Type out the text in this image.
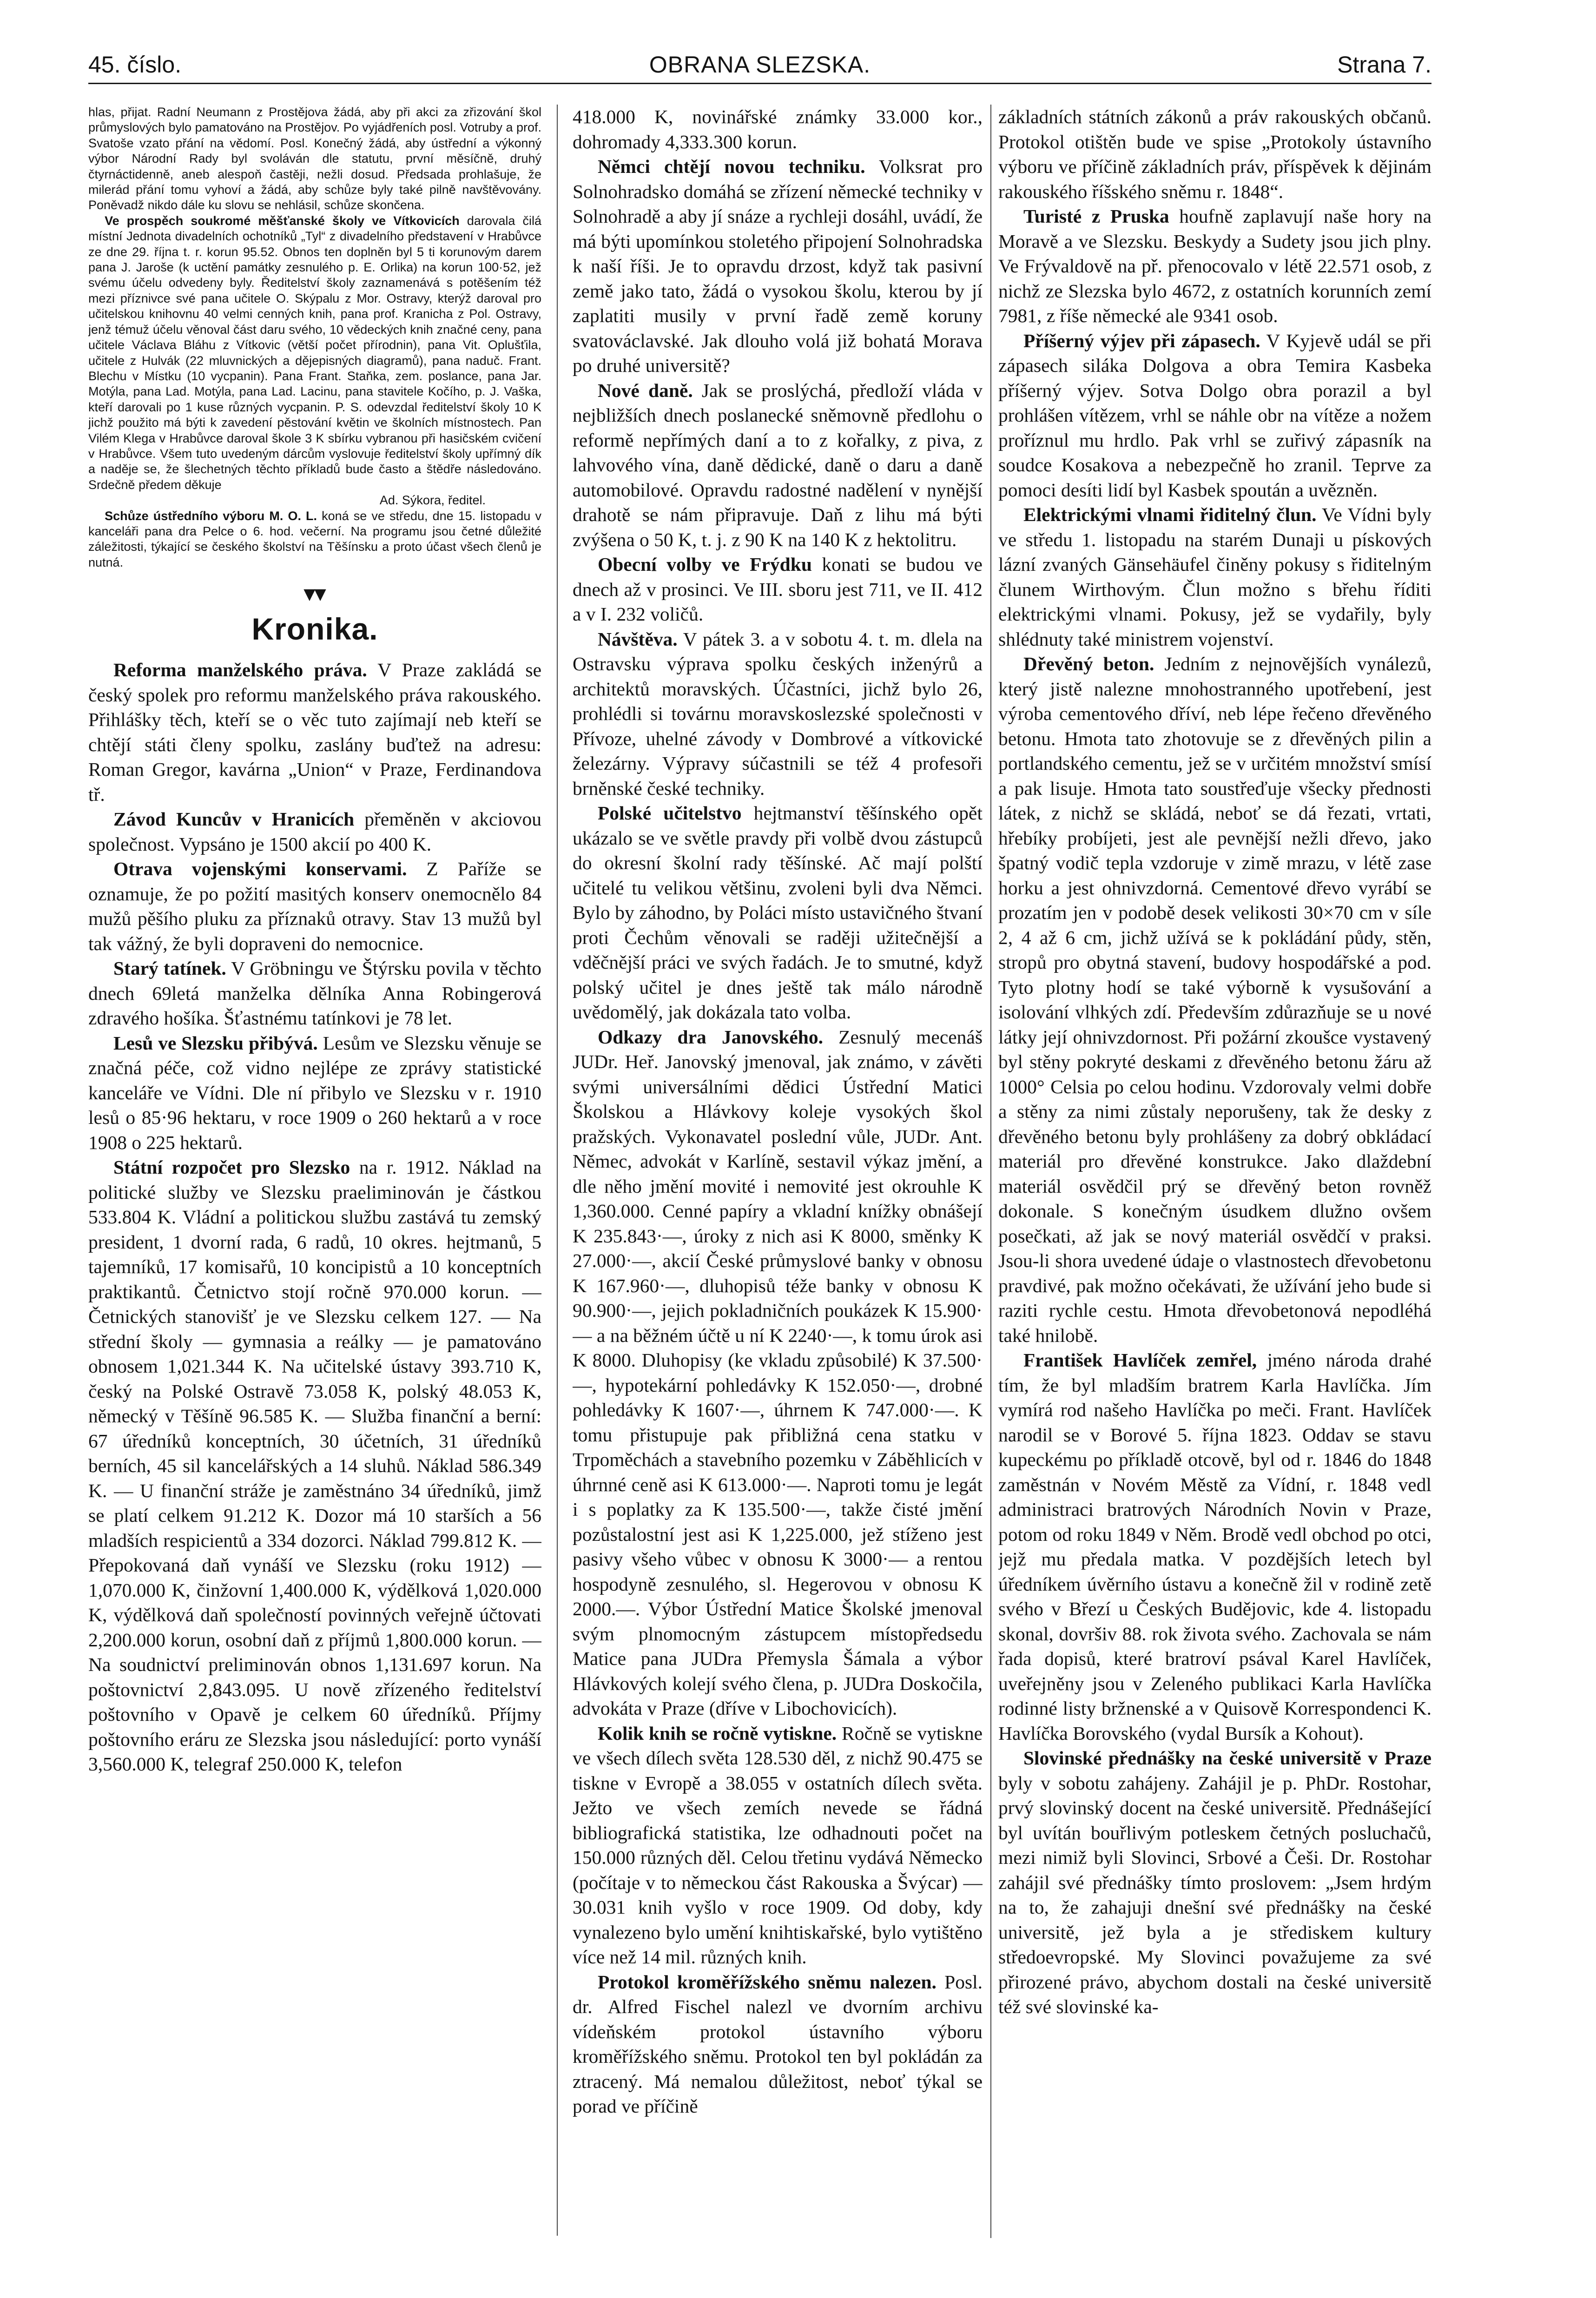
45. číslo.	OBRANA SLEZSKA.	Strana 7.

hlas, přijat. Radní Neumann z Prostějova žádá, aby při akci za zřizování škol průmyslových bylo pamatováno na Prostějov. Po vyjádřeních posl. Votruby a prof. Svatoše vzato přání na vědomí. Posl. Konečný žádá, aby ústřední a výkonný výbor Národní Rady byl svoláván dle statutu, první měsíčně, druhý čtyrnáctidenně, aneb alespoň častěji, nežli dosud. Předsada prohlašuje, že milerád přání tomu vyhoví a žádá, aby schůze byly také pilně navštěvovány. Poněvadž nikdo dále ku slovu se nehlásil, schůze skončena.

Ve prospěch soukromé měšťanské školy ve Vítkovicích darovala čilá místní Jednota divadelních ochotníků „Tyl“ z divadelního představení v Hrabůvce ze dne 29. října t. r. korun 95.52. Obnos ten doplněn byl 5 ti korunovým darem pana J. Jaroše (k uctění památky zesnulého p. E. Orlika) na korun 100·52, jež svému účelu odvedeny byly. Ředitelství školy zaznamenává s potěšením též mezi příznivce své pana učitele O. Skýpalu z Mor. Ostravy, kterýž daroval pro učitelskou knihovnu 40 velmi cenných knih, pana prof. Kranicha z Pol. Ostravy, jenž témuž účelu věnoval část daru svého, 10 vědeckých knih značné ceny, pana učitele Václava Bláhu z Vítkovic (větší počet přírodnin), pana Vit. Oplušťila, učitele z Hulvák (22 mluvnických a dějepisných diagramů), pana naduč. Frant. Blechu v Místku (10 vycpanin). Pana Frant. Staňka, zem. poslance, pana Jar. Motýla, pana Lad. Motýla, pana Lad. Lacinu, pana stavitele Kočího, p. J. Vaška, kteří darovali po 1 kuse různých vycpanin. P. S. odevzdal ředitelství školy 10 K jichž použito má býti k zavedení pěstování květin ve školních místnostech. Pan Vilém Klega v Hrabůvce daroval škole 3 K sbírku vybranou při hasičském cvičení v Hrabůvce. Všem tuto uvedeným dárcům vyslovuje ředitelství školy upřímný dík a naděje se, že šlechetných těchto příkladů bude často a štědře následováno. Srdečně předem děkuje

Ad. Sýkora, ředitel.

Schůze ústředního výboru M. O. L. koná se ve středu, dne 15. listopadu v kanceláři pana dra Pelce o 6. hod. večerní. Na programu jsou četné důležité záležitosti, týkající se českého školství na Těšínsku a proto účast všech členů je nutná.

▾▾
Kronika.

Reforma manželského práva. V Praze zakládá se český spolek pro reformu manželského práva rakouského. Přihlášky těch, kteří se o věc tuto zajímají neb kteří se chtějí státi členy spolku, zaslány buďtež na adresu: Roman Gregor, kavárna „Union“ v Praze, Ferdinandova tř.

Závod Kuncův v Hranicích přeměněn v akciovou společnost. Vypsáno je 1500 akcií po 400 K.

Otrava vojenskými konservami. Z Paříže se oznamuje, že po požití masitých konserv onemocnělo 84 mužů pěšího pluku za příznaků otravy. Stav 13 mužů byl tak vážný, že byli dopraveni do nemocnice.

Starý tatínek. V Gröbningu ve Štýrsku povila v těchto dnech 69letá manželka dělníka Anna Robingerová zdravého hošíka. Šťastnému tatínkovi je 78 let.

Lesů ve Slezsku přibývá. Lesům ve Slezsku věnuje se značná péče, což vidno nejlépe ze zprávy statistické kanceláře ve Vídni. Dle ní přibylo ve Slezsku v r. 1910 lesů o 85·96 hektaru, v roce 1909 o 260 hektarů a v roce 1908 o 225 hektarů.

Státní rozpočet pro Slezsko na r. 1912. Náklad na politické služby ve Slezsku praeliminován je částkou 533.804 K. Vládní a politickou službu zastává tu zemský president, 1 dvorní rada, 6 radů, 10 okres. hejtmanů, 5 tajemníků, 17 komisařů, 10 koncipistů a 10 konceptních praktikantů. Četnictvo stojí ročně 970.000 korun. — Četnických stanovišť je ve Slezsku celkem 127. — Na střední školy — gymnasia a reálky — je pamatováno obnosem 1,021.344 K. Na učitelské ústavy 393.710 K, český na Polské Ostravě 73.058 K, polský 48.053 K, německý v Těšíně 96.585 K. — Služba finanční a berní: 67 úředníků konceptních, 30 účetních, 31 úředníků berních, 45 sil kancelářských a 14 sluhů. Náklad 586.349 K. — U finanční stráže je zaměstnáno 34 úředníků, jimž se platí celkem 91.212 K. Dozor má 10 starších a 56 mladších respicientů a 334 dozorci. Náklad 799.812 K. — Přepokovaná daň vynáší ve Slezsku (roku 1912) — 1,070.000 K, činžovní 1,400.000 K, výdělková 1,020.000 K, výdělková daň společností povinných veřejně účtovati 2,200.000 korun, osobní daň z příjmů 1,800.000 korun. — Na soudnictví preliminován obnos 1,131.697 korun. Na poštovnictví 2,843.095. U nově zřízeného ředitelství poštovního v Opavě je celkem 60 úředníků. Příjmy poštovního eráru ze Slezska jsou následující: porto vynáší 3,560.000 K, telegraf 250.000 K, telefon

418.000 K, novinářské známky 33.000 kor., dohromady 4,333.300 korun.

Němci chtějí novou techniku. Volksrat pro Solnohradsko domáhá se zřízení německé techniky v Solnohradě a aby jí snáze a rychleji dosáhl, uvádí, že má býti upomínkou stoletého připojení Solnohradska k naší říši. Je to opravdu drzost, když tak pasivní země jako tato, žádá o vysokou školu, kterou by jí zaplatiti musily v první řadě země koruny svatováclavské. Jak dlouho volá již bohatá Morava po druhé universitě?

Nové daně. Jak se proslýchá, předloží vláda v nejbližších dnech poslanecké sněmovně předlohu o reformě nepřímých daní a to z kořalky, z piva, z lahvového vína, daně dědické, daně o daru a daně automobilové. Opravdu radostné nadělení v nynější drahotě se nám připravuje. Daň z lihu má býti zvýšena o 50 K, t. j. z 90 K na 140 K z hektolitru.

Obecní volby ve Frýdku konati se budou ve dnech až v prosinci. Ve III. sboru jest 711, ve II. 412 a v I. 232 voličů.

Návštěva. V pátek 3. a v sobotu 4. t. m. dlela na Ostravsku výprava spolku českých inženýrů a architektů moravských. Účastníci, jichž bylo 26, prohlédli si továrnu moravskoslezské společnosti v Přívoze, uhelné závody v Dombrové a vítkovické železárny. Výpravy súčastnili se též 4 profesoři brněnské české techniky.

Polské učitelstvo hejtmanství těšínského opět ukázalo se ve světle pravdy při volbě dvou zástupců do okresní školní rady těšínské. Ač mají polští učitelé tu velikou většinu, zvoleni byli dva Němci. Bylo by záhodno, by Poláci místo ustavičného štvaní proti Čechům věnovali se raději užitečnější a vděčnější práci ve svých řadách. Je to smutné, když polský učitel je dnes ještě tak málo národně uvědomělý, jak dokázala tato volba.

Odkazy dra Janovského. Zesnulý mecenáš JUDr. Heř. Janovský jmenoval, jak známo, v závěti svými universálními dědici Ústřední Matici Školskou a Hlávkovy koleje vysokých škol pražských. Vykonavatel poslední vůle, JUDr. Ant. Němec, advokát v Karlíně, sestavil výkaz jmění, a dle něho jmění movité i nemovité jest okrouhle K 1,360.000. Cenné papíry a vkladní knížky obnášejí K 235.843·—, úroky z nich asi K 8000, směnky K 27.000·—, akcií České průmyslové banky v obnosu K 167.960·—, dluhopisů téže banky v obnosu K 90.900·—, jejich pokladničních poukázek K 15.900·— a na běžném účtě u ní K 2240·—, k tomu úrok asi K 8000. Dluhopisy (ke vkladu způsobilé) K 37.500·—, hypotekární pohledávky K 152.050·—, drobné pohledávky K 1607·—, úhrnem K 747.000·—. K tomu přistupuje pak přibližná cena statku v Trpoměchách a stavebního pozemku v Záběhlicích v úhrnné ceně asi K 613.000·—. Naproti tomu je legát i s poplatky za K 135.500·—, takže čisté jmění pozůstalostní jest asi K 1,225.000, jež stíženo jest pasivy všeho vůbec v obnosu K 3000·— a rentou hospodyně zesnulého, sl. Hegerovou v obnosu K 2000.—. Výbor Ústřední Matice Školské jmenoval svým plnomocným zástupcem místopředsedu Matice pana JUDra Přemysla Šámala a výbor Hlávkových kolejí svého člena, p. JUDra Doskočila, advokáta v Praze (dříve v Libochovicích).

Kolik knih se ročně vytiskne. Ročně se vytiskne ve všech dílech světa 128.530 děl, z nichž 90.475 se tiskne v Evropě a 38.055 v ostatních dílech světa. Ježto ve všech zemích nevede se řádná bibliografická statistika, lze odhadnouti počet na 150.000 různých děl. Celou třetinu vydává Německo (počítaje v to německou část Rakouska a Švýcar) — 30.031 knih vyšlo v roce 1909. Od doby, kdy vynalezeno bylo umění knihtiskařské, bylo vytištěno více než 14 mil. různých knih.

Protokol kroměřížského sněmu nalezen. Posl. dr. Alfred Fischel nalezl ve dvorním archivu vídeňském protokol ústavního výboru kroměřížského sněmu. Protokol ten byl pokládán za ztracený. Má nemalou důležitost, neboť týkal se porad ve příčině

základních státních zákonů a práv rakouských občanů. Protokol otištěn bude ve spise „Protokoly ústavního výboru ve příčině základních práv, příspěvek k dějinám rakouského říšského sněmu r. 1848“.

Turisté z Pruska houfně zaplavují naše hory na Moravě a ve Slezsku. Beskydy a Sudety jsou jich plny. Ve Frývaldově na př. přenocovalo v létě 22.571 osob, z nichž ze Slezska bylo 4672, z ostatních korunních zemí 7981, z říše německé ale 9341 osob.

Příšerný výjev při zápasech. V Kyjevě udál se při zápasech siláka Dolgova a obra Temira Kasbeka příšerný výjev. Sotva Dolgo obra porazil a byl prohlášen vítězem, vrhl se náhle obr na vítěze a nožem proříznul mu hrdlo. Pak vrhl se zuřivý zápasník na soudce Kosakova a nebezpečně ho zranil. Teprve za pomoci desíti lidí byl Kasbek spoután a uvězněn.

Elektrickými vlnami řiditelný člun. Ve Vídni byly ve středu 1. listopadu na starém Dunaji u pískových lázní zvaných Gänsehäufel činěny pokusy s řiditelným člunem Wirthovým. Člun možno s břehu říditi elektrickými vlnami. Pokusy, jež se vydařily, byly shlédnuty také ministrem vojenství.

Dřevěný beton. Jedním z nejnovějších vynálezů, který jistě nalezne mnohostranného upotřebení, jest výroba cementového dříví, neb lépe řečeno dřevěného betonu. Hmota tato zhotovuje se z dřevěných pilin a portlandského cementu, jež se v určitém množství smísí a pak lisuje. Hmota tato soustřeďuje všecky přednosti látek, z nichž se skládá, neboť se dá řezati, vrtati, hřebíky probíjeti, jest ale pevnější nežli dřevo, jako špatný vodič tepla vzdoruje v zimě mrazu, v létě zase horku a jest ohnivzdorná. Cementové dřevo vyrábí se prozatím jen v podobě desek velikosti 30×70 cm v síle 2, 4 až 6 cm, jichž užívá se k pokládání půdy, stěn, stropů pro obytná stavení, budovy hospodářské a pod. Tyto plotny hodí se také výborně k vysušování a isolování vlhkých zdí. Především zdůrazňuje se u nové látky její ohnivzdornost. Při požární zkoušce vystavený byl stěny pokryté deskami z dřevěného betonu žáru až 1000° Celsia po celou hodinu. Vzdorovaly velmi dobře a stěny za nimi zůstaly neporušeny, tak že desky z dřevěného betonu byly prohlášeny za dobrý obkládací materiál pro dřevěné konstrukce. Jako dlaždební materiál osvědčil prý se dřevěný beton rovněž dokonale. S konečným úsudkem dlužno ovšem posečkati, až jak se nový materiál osvědčí v praksi. Jsou-li shora uvedené údaje o vlastnostech dřevobetonu pravdivé, pak možno očekávati, že užívání jeho bude si raziti rychle cestu. Hmota dřevobetonová nepodléhá také hnilobě.

František Havlíček zemřel, jméno národa drahé tím, že byl mladším bratrem Karla Havlíčka. Jím vymírá rod našeho Havlíčka po meči. Frant. Havlíček narodil se v Borové 5. října 1823. Oddav se stavu kupeckému po příkladě otcově, byl od r. 1846 do 1848 zaměstnán v Novém Městě za Vídní, r. 1848 vedl administraci bratrových Národních Novin v Praze, potom od roku 1849 v Něm. Brodě vedl obchod po otci, jejž mu předala matka. V pozdějších letech byl úředníkem úvěrního ústavu a konečně žil v rodině zetě svého v Březí u Českých Budějovic, kde 4. listopadu skonal, dovršiv 88. rok života svého. Zachovala se nám řada dopisů, které bratroví psával Karel Havlíček, uveřejněny jsou v Zeleného publikaci Karla Havlíčka rodinné listy bržnenské a v Quisově Korrespondenci K. Havlíčka Borovského (vydal Bursík a Kohout).

Slovinské přednášky na české universitě v Praze byly v sobotu zahájeny. Zahájil je p. PhDr. Rostohar, prvý slovinský docent na české universitě. Přednášející byl uvítán bouřlivým potleskem četných posluchačů, mezi nimiž byli Slovinci, Srbové a Češi. Dr. Rostohar zahájil své přednášky tímto proslovem: „Jsem hrdým na to, že zahajuji dnešní své přednášky na české universitě, jež byla a je střediskem kultury středoevropské. My Slovinci považujeme za své přirozené právo, abychom dostali na české universitě též své slovinské ka-
